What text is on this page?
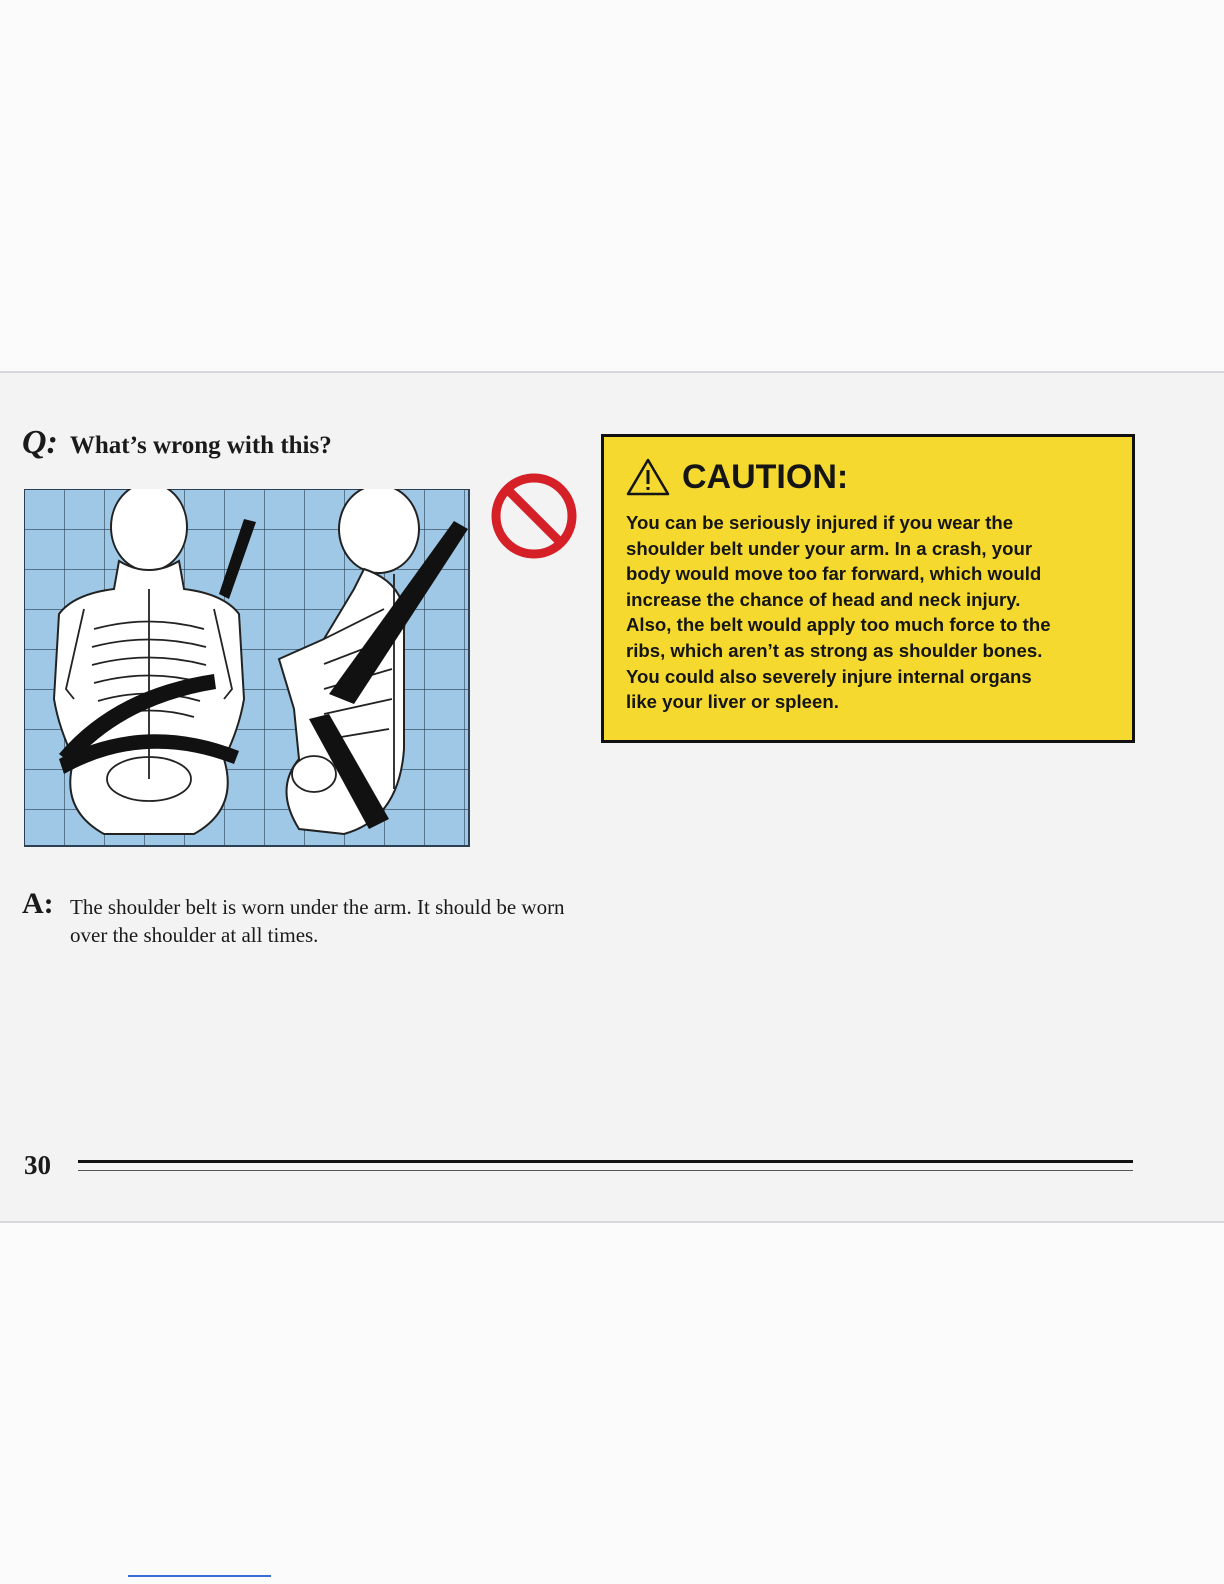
Q: What’s wrong with this?
A: The shoulder belt is worn under the arm. It should be worn over the shoulder at all times.
CAUTION:
You can be seriously injured if you wear the
shoulder belt under your arm. In a crash, your
body would move too far forward, which would
increase the chance of head and neck injury.
Also, the belt would apply too much force to the
ribs, which aren’t as strong as shoulder bones.
You could also severely injure internal organs
like your liver or spleen.
30
